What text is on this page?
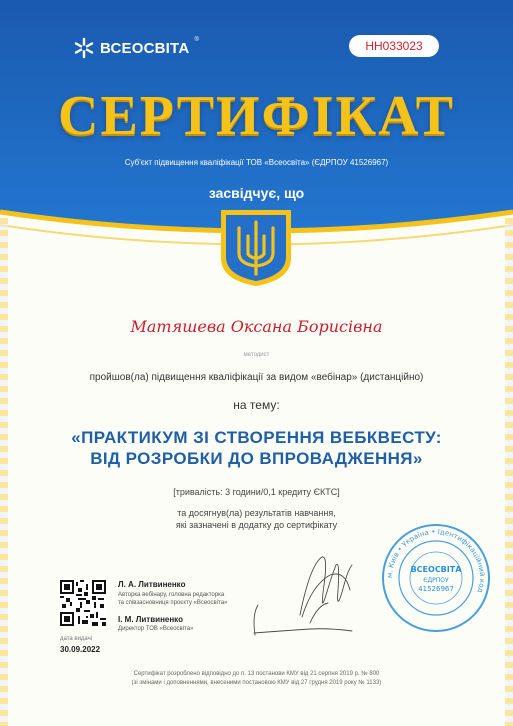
ВСЕОСВІТА ®	НН033023
СЕРТИФІКАТ
Суб'єкт підвищення кваліфікації ТОВ «Всеосвіта» (ЄДРПОУ 41526967)
засвідчує, що
Матяшева Оксана Борисівна
методист
пройшов(ла) підвищення кваліфікації за видом «вебінар» (дистанційно)
на тему:
«ПРАКТИКУМ ЗІ СТВОРЕННЯ ВЕБКВЕСТУ:
ВІД РОЗРОБКИ ДО ВПРОВАДЖЕННЯ»
[тривалість: 3 години/0,1 кредиту ЄКТС]
та досягнув(ла) результатів навчання,
які зазначені в додатку до сертифікату
дата видачі
30.09.2022
Л. А. Литвиненко
Авторка вебінару, головна редакторка
та співзасновниця проєкту «Всеосвіта»
І. М. Литвиненко
Директор ТОВ «Всеосвіта»
м. Київ • Україна • Ідентифікаційний код
ВСЕОСВІТА
ЄДРПОУ
41526967
Сертифікат розроблено відповідно до п. 13 постанови КМУ від 21 серпня 2019 р. № 800
(зі змінами і доповненнями, внесеними постановою КМУ від 27 грудня 2019 року № 1133)
